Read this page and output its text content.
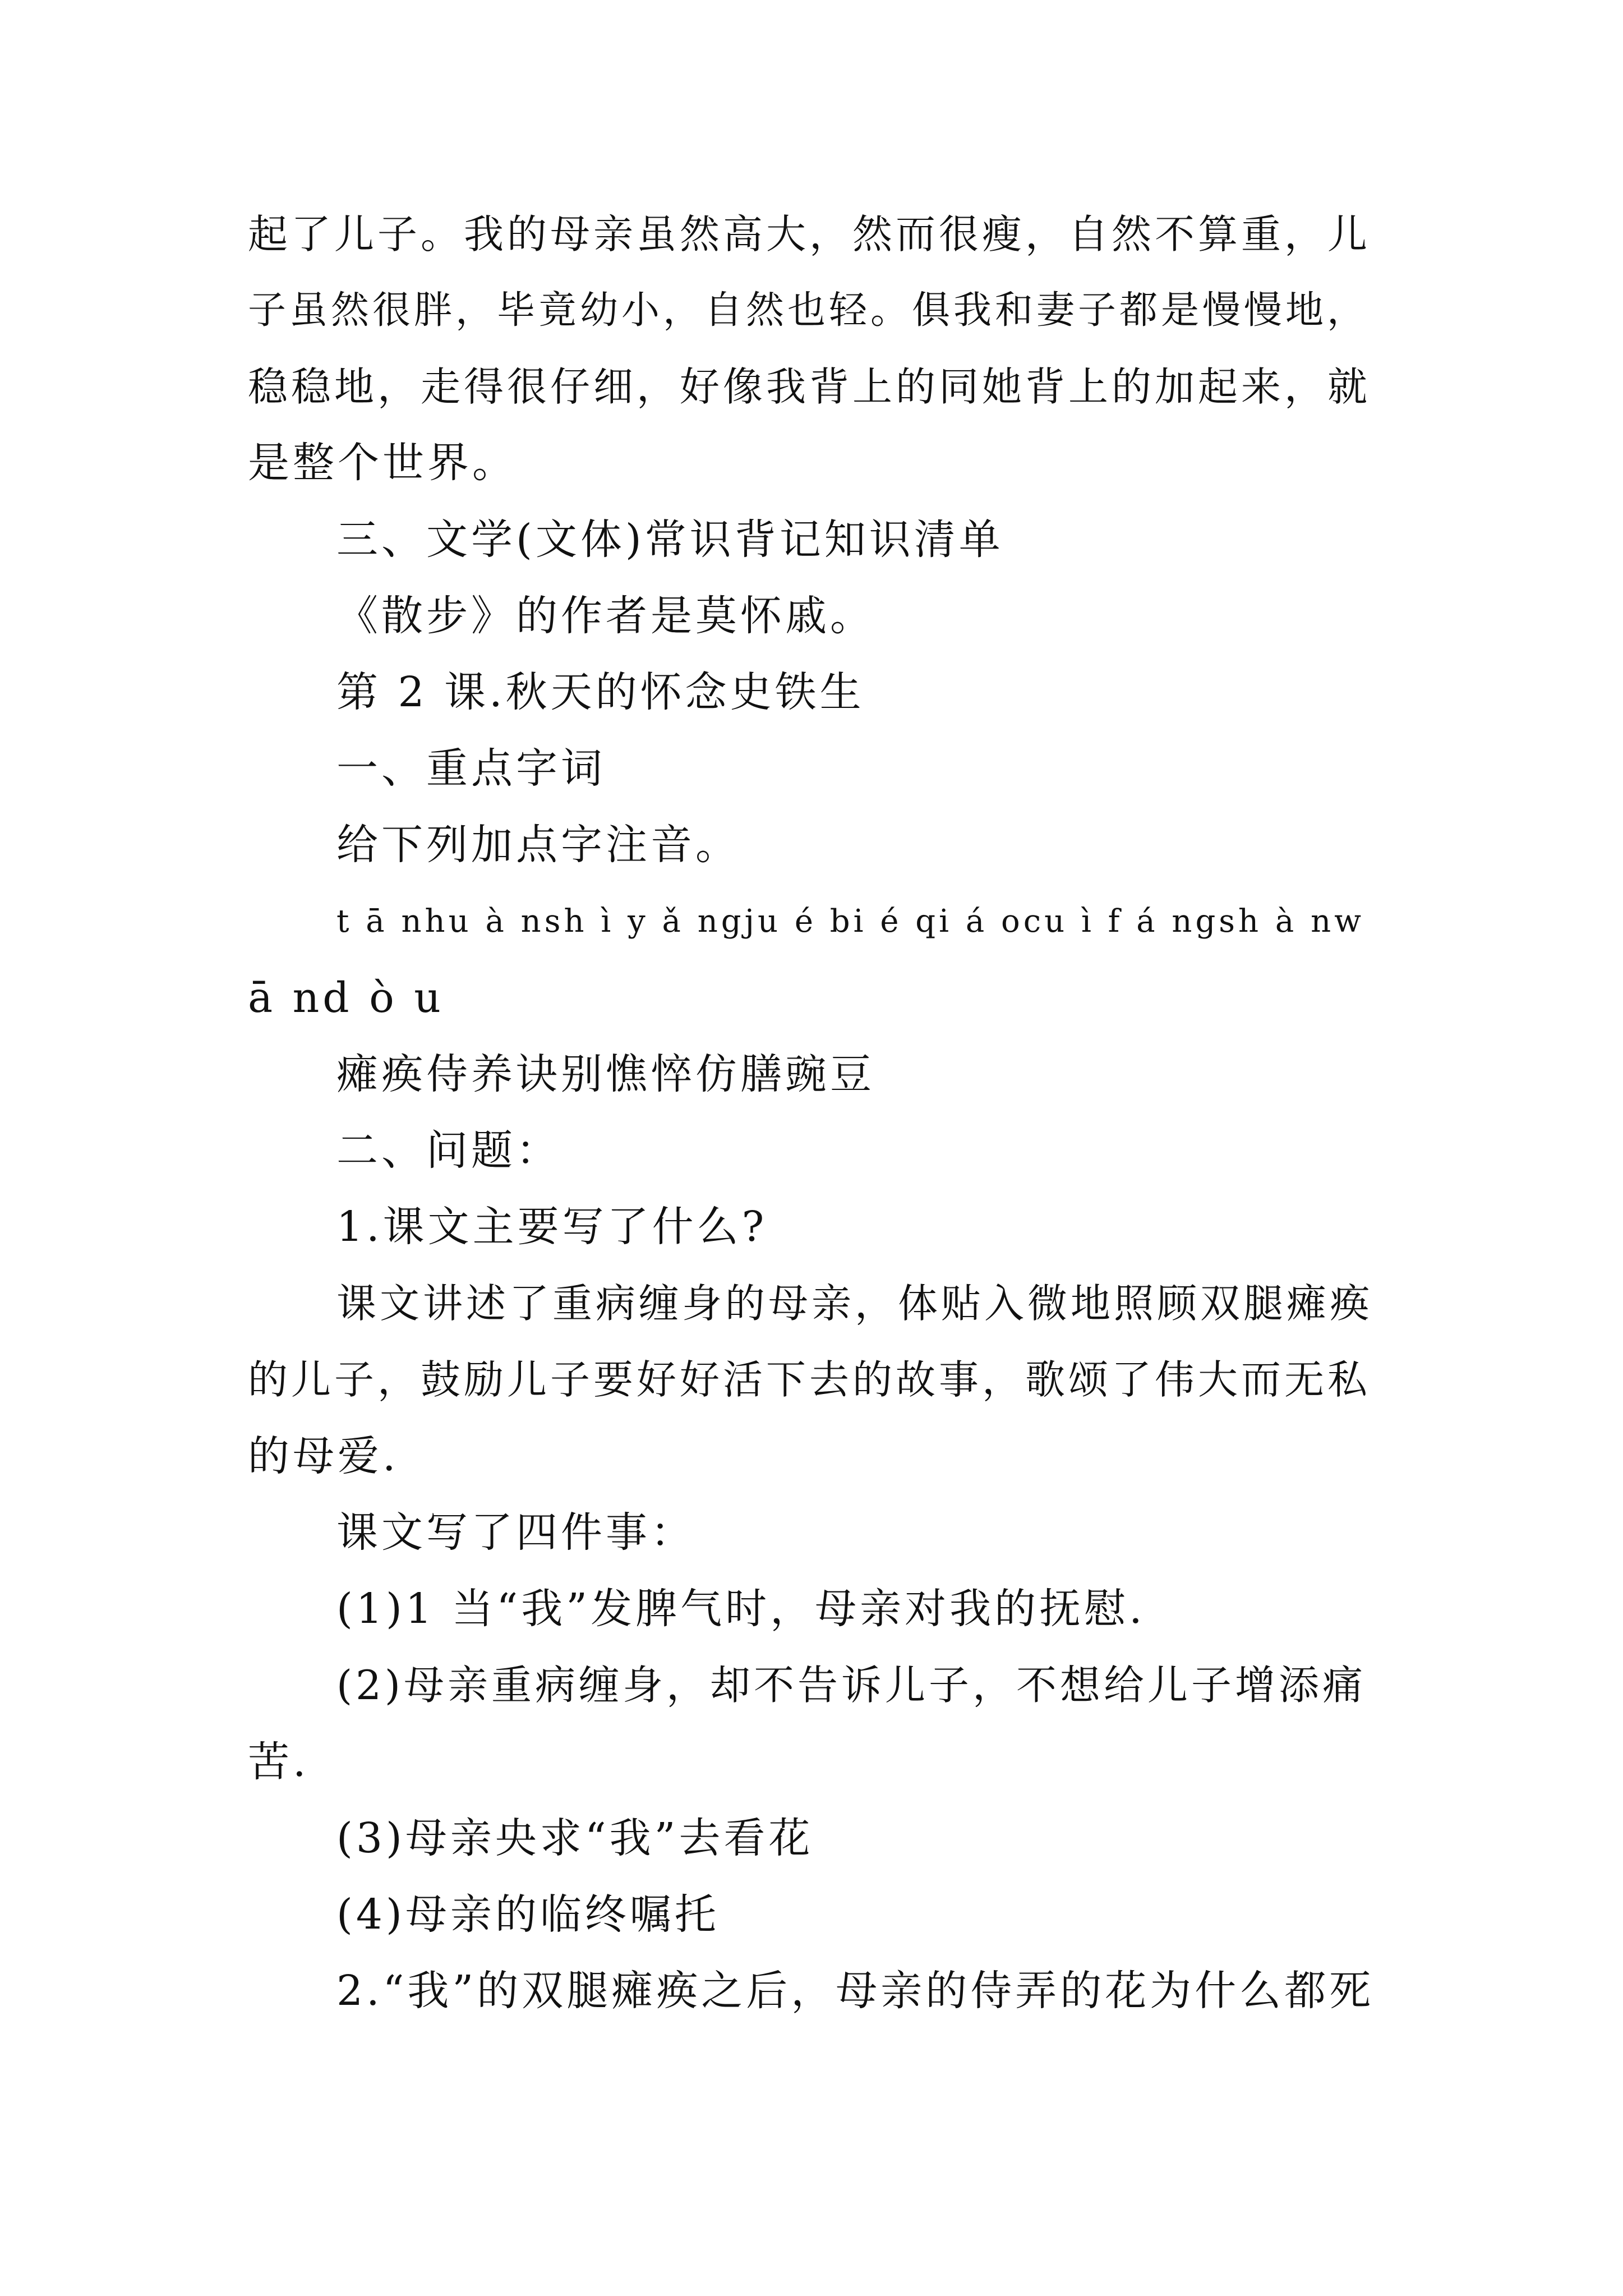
起了儿子。我的母亲虽然高大，然而很瘦，自然不算重，儿

子虽然很胖，毕竟幼小，自然也轻。俱我和妻子都是慢慢地，

稳稳地，走得很仔细，好像我背上的同她背上的加起来，就

是整个世界。

三、文学(文体)常识背记知识清单

《散步》的作者是莫怀戚。

第 2 课.秋天的怀念史铁生

一、重点字词

给下列加点字注音。

t ā nhu à nsh ì y ǎ ngju é bi é qi á ocu ì f á ngsh à nw

ā nd ò u

瘫痪侍养诀别憔悴仿膳豌豆

二、问题：

1.课文主要写了什么?

课文讲述了重病缠身的母亲，体贴入微地照顾双腿瘫痪

的儿子，鼓励儿子要好好活下去的故事，歌颂了伟大而无私

的母爱.

课文写了四件事：

(1)1 当“我”发脾气时，母亲对我的抚慰.

(2)母亲重病缠身，却不告诉儿子，不想给儿子增添痛

苦.

(3)母亲央求“我”去看花

(4)母亲的临终嘱托

2.“我”的双腿瘫痪之后，母亲的侍弄的花为什么都死
